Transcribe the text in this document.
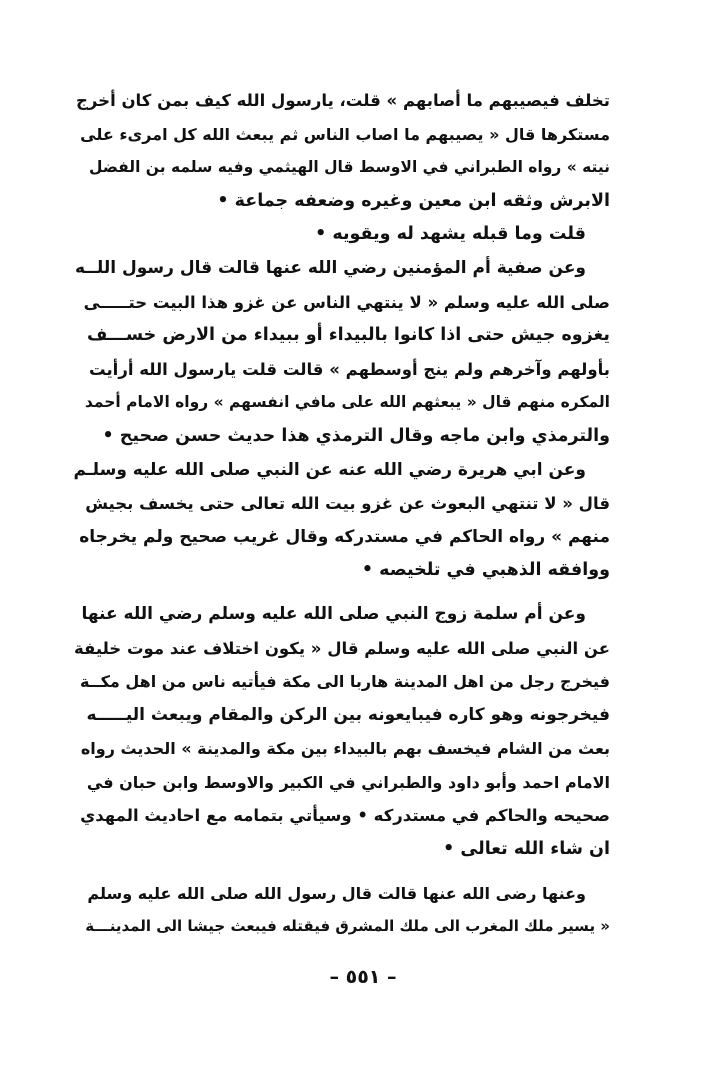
تخلف فيصيبهم ما أصابهم » قلت، يارسول الله كيف بمن كان أخرج
مستكرها قال « يصيبهم ما اصاب الناس ثم يبعث الله كل امرىء على
نيته » رواه الطبراني في الاوسط قال الهيثمي وفيه سلمه بن الفضل
الابرش وثقه ابن معين وغيره وضعفه جماعة •
قلت وما قبله يشهد له ويقويه •
وعن صفية أم المؤمنين رضي الله عنها قالت قال رسول اللــه
صلى الله عليه وسلم « لا ينتهي الناس عن غزو هذا البيت حتـــــى
يغزوه جيش حتى اذا كانوا بالبيداء أو ببيداء من الارض خســـف
بأولهم وآخرهم ولم ينج أوسطهم » قالت قلت يارسول الله أرأيت
المكره منهم قال « يبعثهم الله على مافي انفسهم » رواه الامام أحمد
والترمذي وابن ماجه وقال الترمذي هذا حديث حسن صحيح •
وعن ابي هريرة رضي الله عنه عن النبي صلى الله عليه وسلـم
قال « لا تنتهي البعوث عن غزو بيت الله تعالى حتى يخسف بجيش
منهم » رواه الحاكم في مستدركه وقال غريب صحيح ولم يخرجاه
ووافقه الذهبي في تلخيصه •
وعن أم سلمة زوج النبي صلى الله عليه وسلم رضي الله عنها
عن النبي صلى الله عليه وسلم قال « يكون اختلاف عند موت خليفة
فيخرج رجل من اهل المدينة هاربا الى مكة فيأتيه ناس من اهل مكــة
فيخرجونه وهو كاره فيبايعونه بين الركن والمقام ويبعث اليـــــه
بعث من الشام فيخسف بهم بالبيداء بين مكة والمدينة » الحديث رواه
الامام احمد وأبو داود والطبراني في الكبير والاوسط وابن حبان في
صحيحه والحاكم في مستدركه • وسيأتي بتمامه مع احاديث المهدي
ان شاء الله تعالى •
وعنها رضى الله عنها قالت قال رسول الله صلى الله عليه وسلم
« يسير ملك المغرب الى ملك المشرق فيقتله فيبعث جيشا الى المدينـــة
– ٥٥١ –
